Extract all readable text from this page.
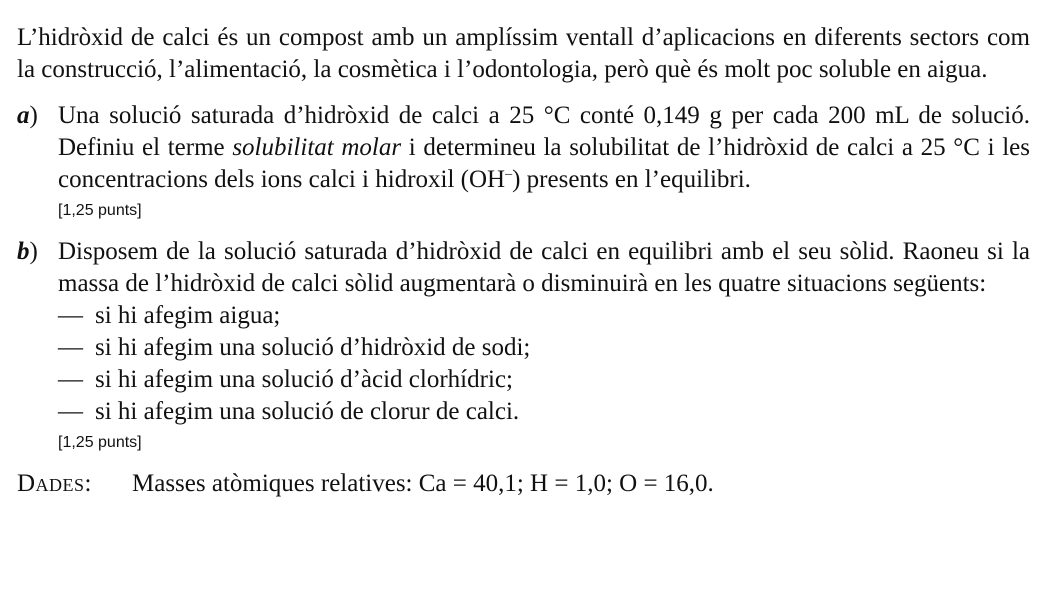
L’hidròxid de calci és un compost amb un amplíssim ventall d’aplicacions en diferents sectors com la construcció, l’alimentació, la cosmètica i l’odontologia, però què és molt poc soluble en aigua.

a) Una solució saturada d’hidròxid de calci a 25 °C conté 0,149 g per cada 200 mL de solució. Definiu el terme solubilitat molar i determineu la solubilitat de l’hidròxid de calci a 25 °C i les concentracions dels ions calci i hidroxil (OH–) presents en l’equilibri.

[1,25 punts]
b) Disposem de la solució saturada d’hidròxid de calci en equilibri amb el seu sòlid. Raoneu si la massa de l’hidròxid de calci sòlid augmentarà o disminuirà en les quatre situacions següents:

— si hi afegim aigua;
— si hi afegim una solució d’hidròxid de sodi;
— si hi afegim una solució d’àcid clorhídric;
— si hi afegim una solució de clorur de calci.
[1,25 punts]
Dades: Masses atòmiques relatives: Ca = 40,1; H = 1,0; O = 16,0.
